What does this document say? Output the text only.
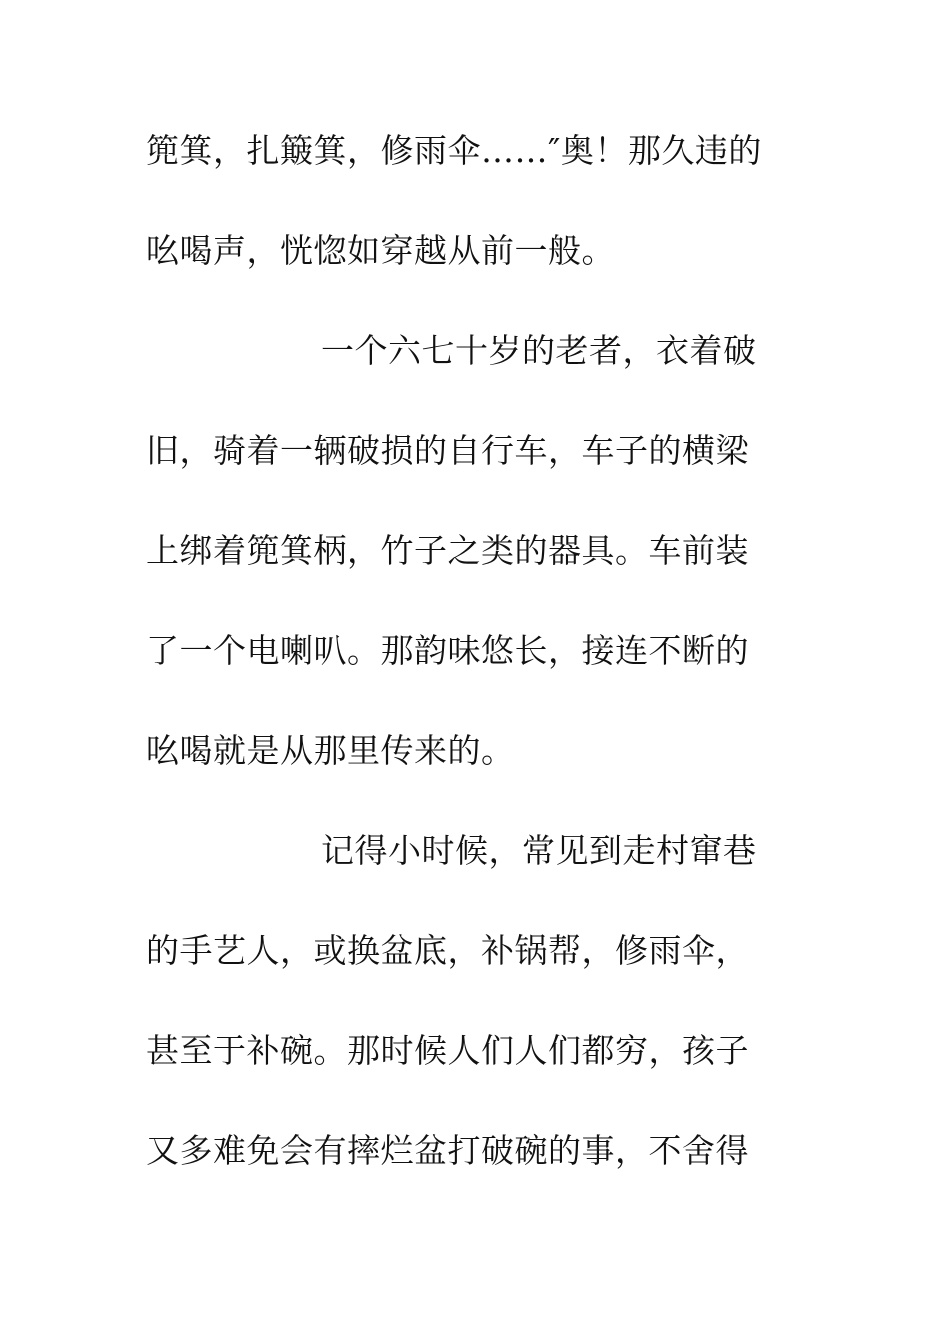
篼箕，扎簸箕，修雨伞……″奥！那久违的
吆喝声，恍惚如穿越从前一般。
一个六七十岁的老者，衣着破
旧，骑着一辆破损的自行车，车子的横梁
上绑着篼箕柄，竹子之类的器具。车前装
了一个电喇叭。那韵味悠长，接连不断的
吆喝就是从那里传来的。
记得小时候，常见到走村窜巷
的手艺人，或换盆底，补锅帮，修雨伞，
甚至于补碗。那时候人们人们都穷，孩子
又多难免会有摔烂盆打破碗的事，不舍得
